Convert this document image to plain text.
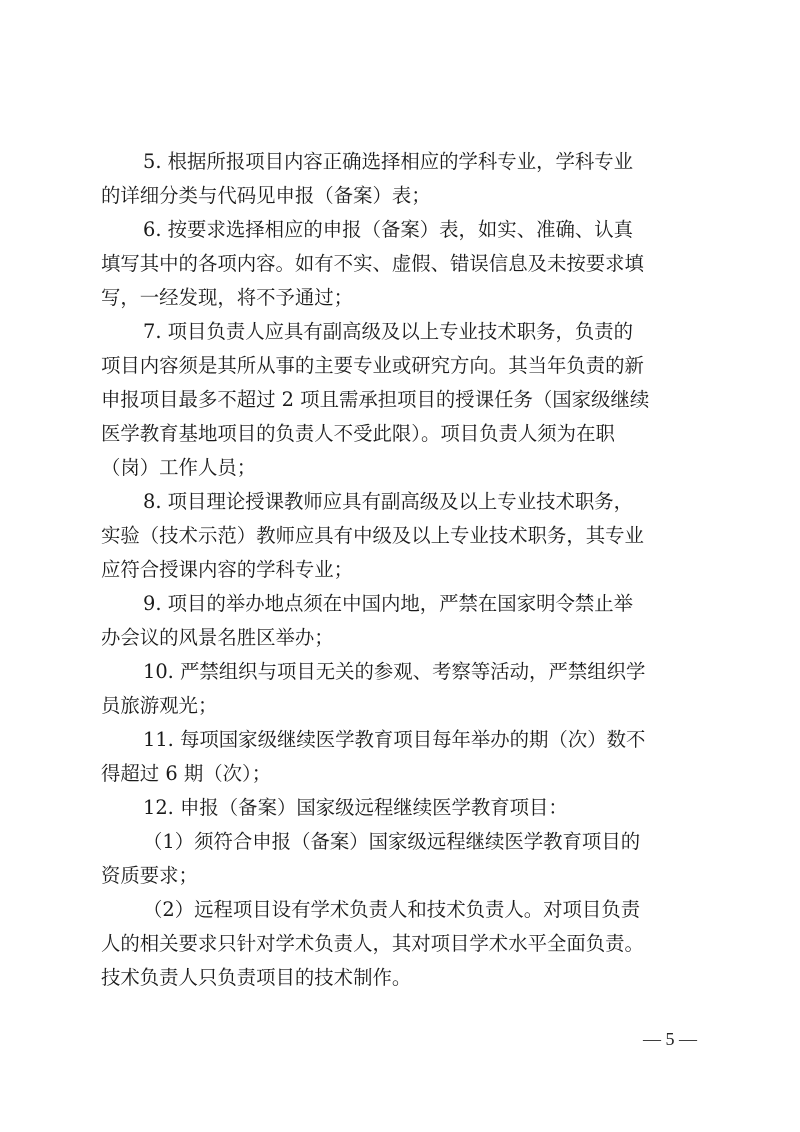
5. 根据所报项目内容正确选择相应的学科专业，学科专业
的详细分类与代码见申报（备案）表；
6. 按要求选择相应的申报（备案）表，如实、准确、认真
填写其中的各项内容。如有不实、虚假、错误信息及未按要求填
写，一经发现，将不予通过；
7. 项目负责人应具有副高级及以上专业技术职务，负责的
项目内容须是其所从事的主要专业或研究方向。其当年负责的新
申报项目最多不超过 2 项且需承担项目的授课任务（国家级继续
医学教育基地项目的负责人不受此限）。项目负责人须为在职
（岗）工作人员；
8. 项目理论授课教师应具有副高级及以上专业技术职务，
实验（技术示范）教师应具有中级及以上专业技术职务，其专业
应符合授课内容的学科专业；
9. 项目的举办地点须在中国内地，严禁在国家明令禁止举
办会议的风景名胜区举办；
10. 严禁组织与项目无关的参观、考察等活动，严禁组织学
员旅游观光；
11. 每项国家级继续医学教育项目每年举办的期（次）数不
得超过 6 期（次）；
12. 申报（备案）国家级远程继续医学教育项目：
（1）须符合申报（备案）国家级远程继续医学教育项目的
资质要求；
（2）远程项目设有学术负责人和技术负责人。对项目负责
人的相关要求只针对学术负责人，其对项目学术水平全面负责。
技术负责人只负责项目的技术制作。
— 5 —
